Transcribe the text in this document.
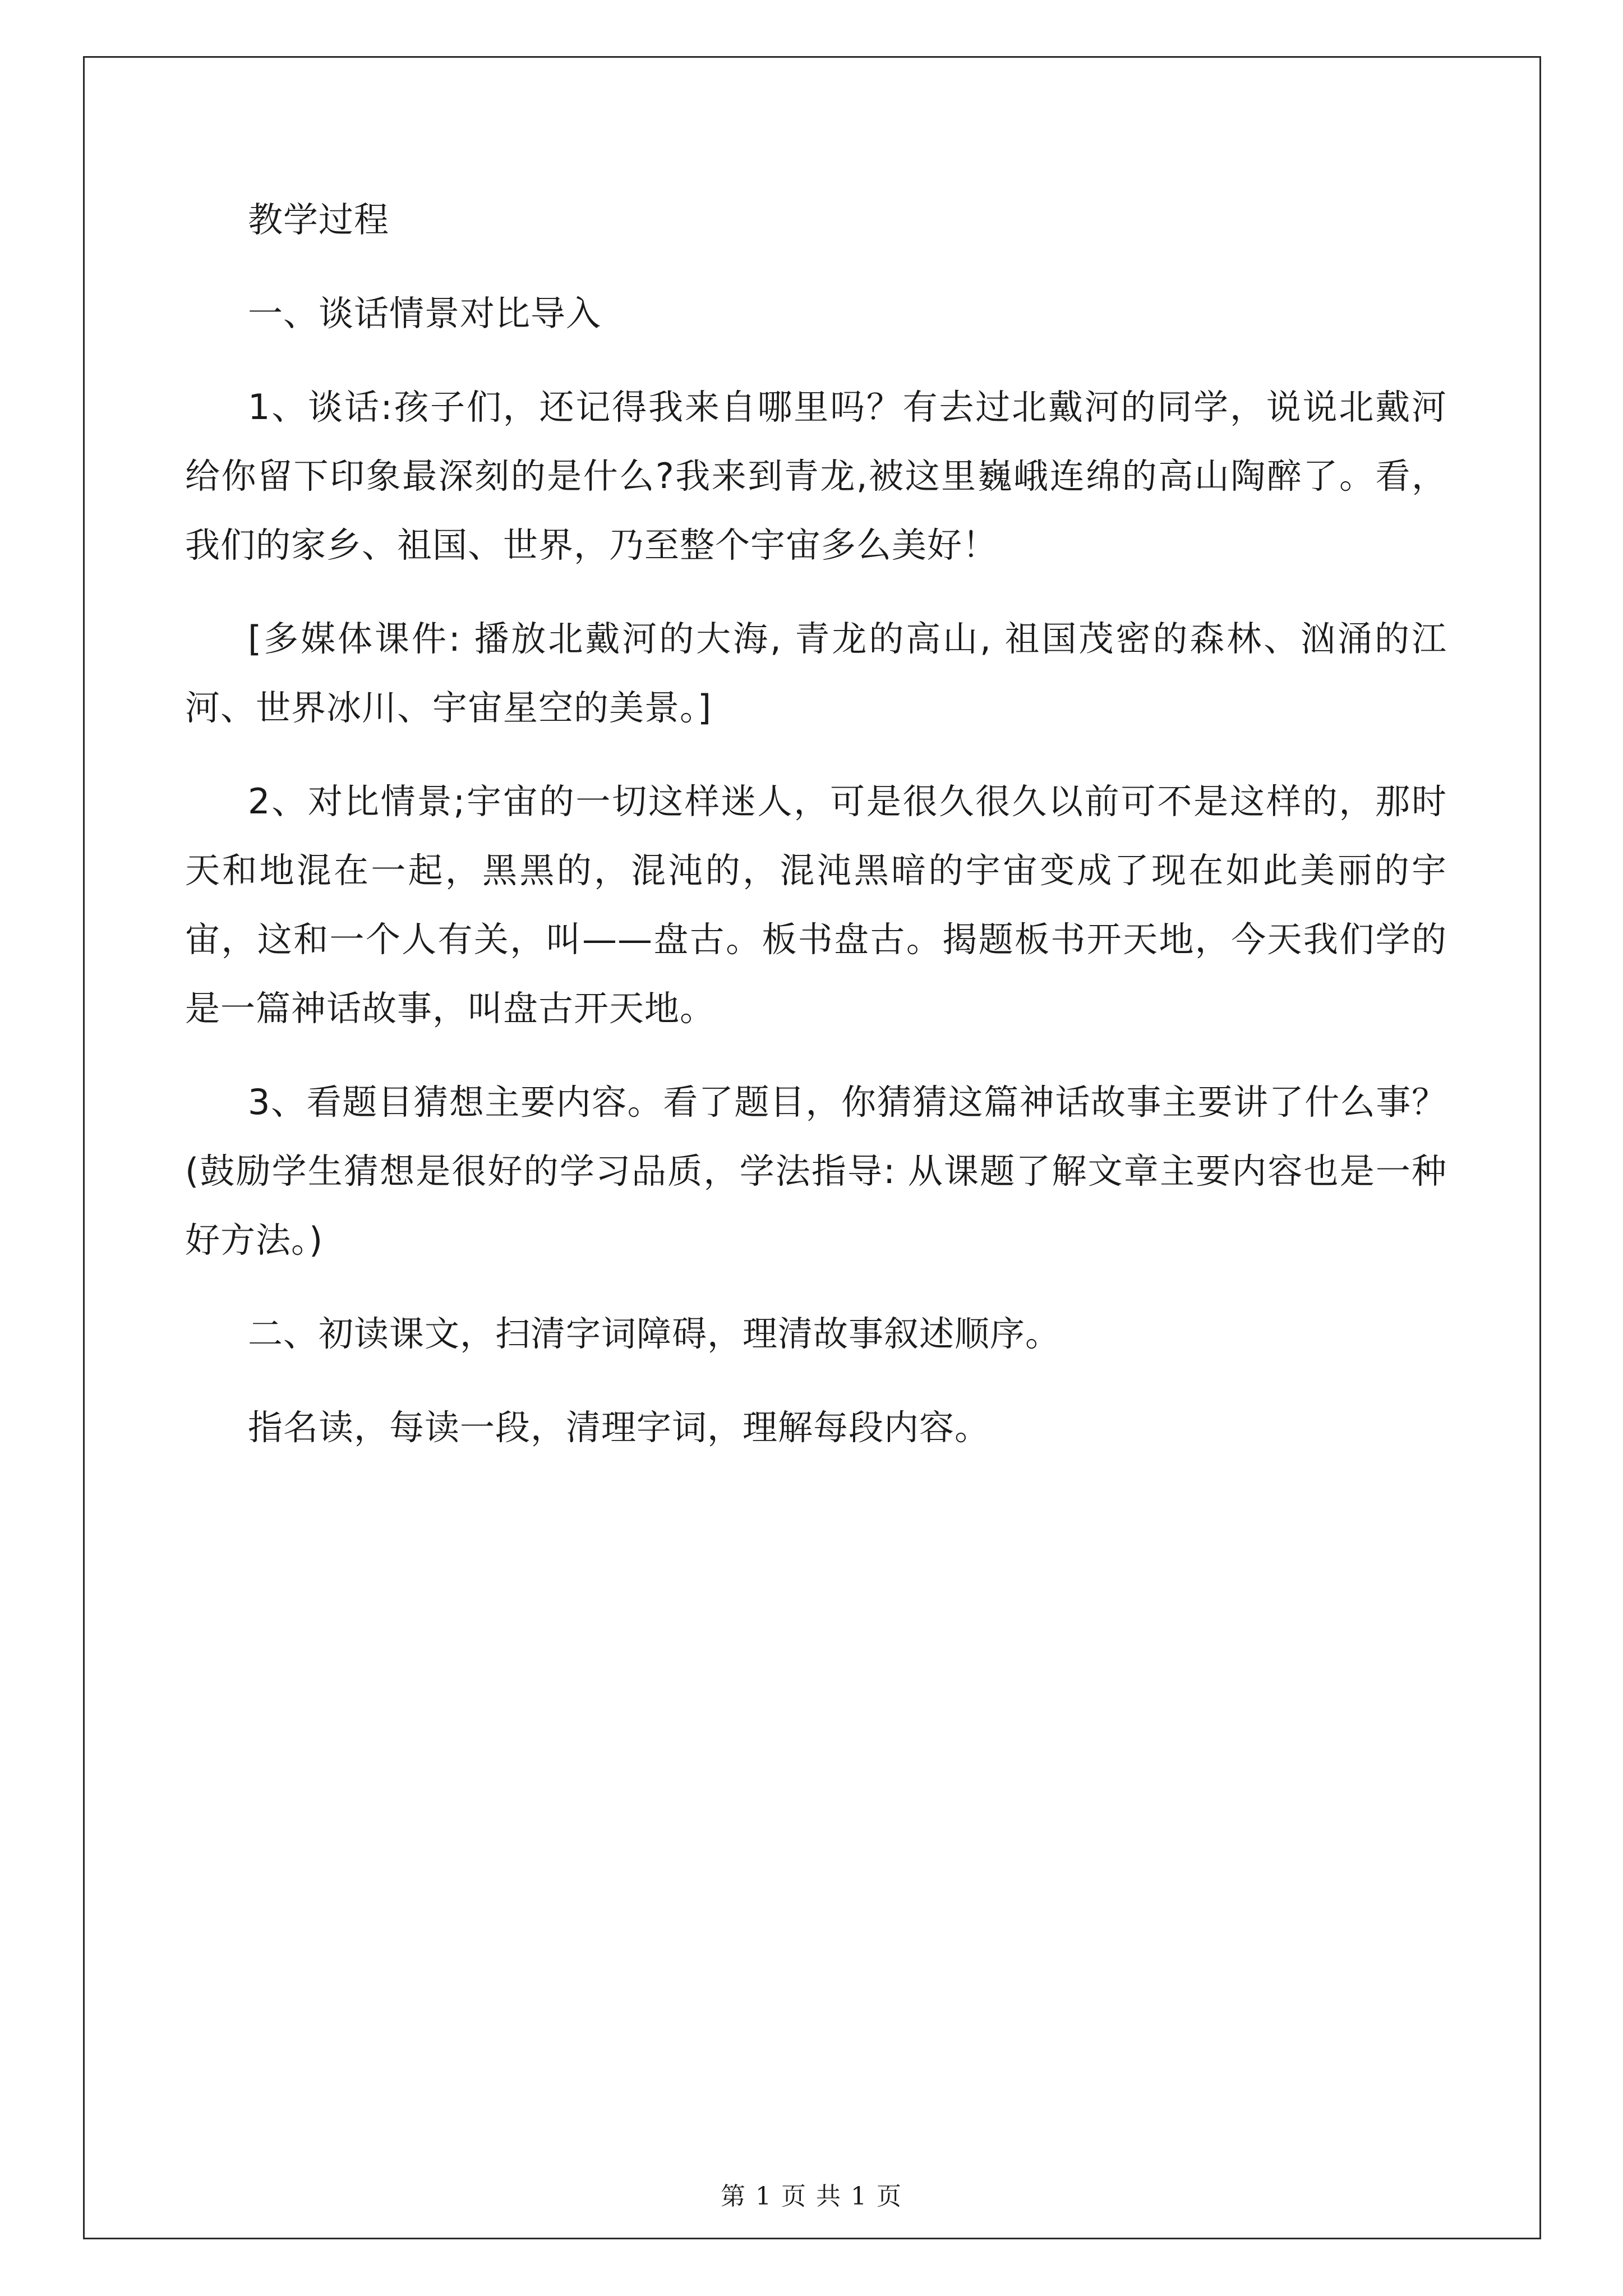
教学过程

一、谈话情景对比导入

1、谈话:孩子们，还记得我来自哪里吗？有去过北戴河的同学，说说北戴河给你留下印象最深刻的是什么?我来到青龙,被这里巍峨连绵的高山陶醉了。看，我们的家乡、祖国、世界，乃至整个宇宙多么美好！

[多媒体课件: 播放北戴河的大海, 青龙的高山, 祖国茂密的森林、汹涌的江河、世界冰川、宇宙星空的美景。]

2、对比情景;宇宙的一切这样迷人，可是很久很久以前可不是这样的，那时天和地混在一起，黑黑的，混沌的，混沌黑暗的宇宙变成了现在如此美丽的宇宙，这和一个人有关，叫——盘古。板书盘古。揭题板书开天地，今天我们学的是一篇神话故事，叫盘古开天地。

3、看题目猜想主要内容。看了题目，你猜猜这篇神话故事主要讲了什么事？(鼓励学生猜想是很好的学习品质，学法指导: 从课题了解文章主要内容也是一种好方法。)

二、初读课文，扫清字词障碍，理清故事叙述顺序。

指名读，每读一段，清理字词，理解每段内容。

第 1 页 共 1 页
